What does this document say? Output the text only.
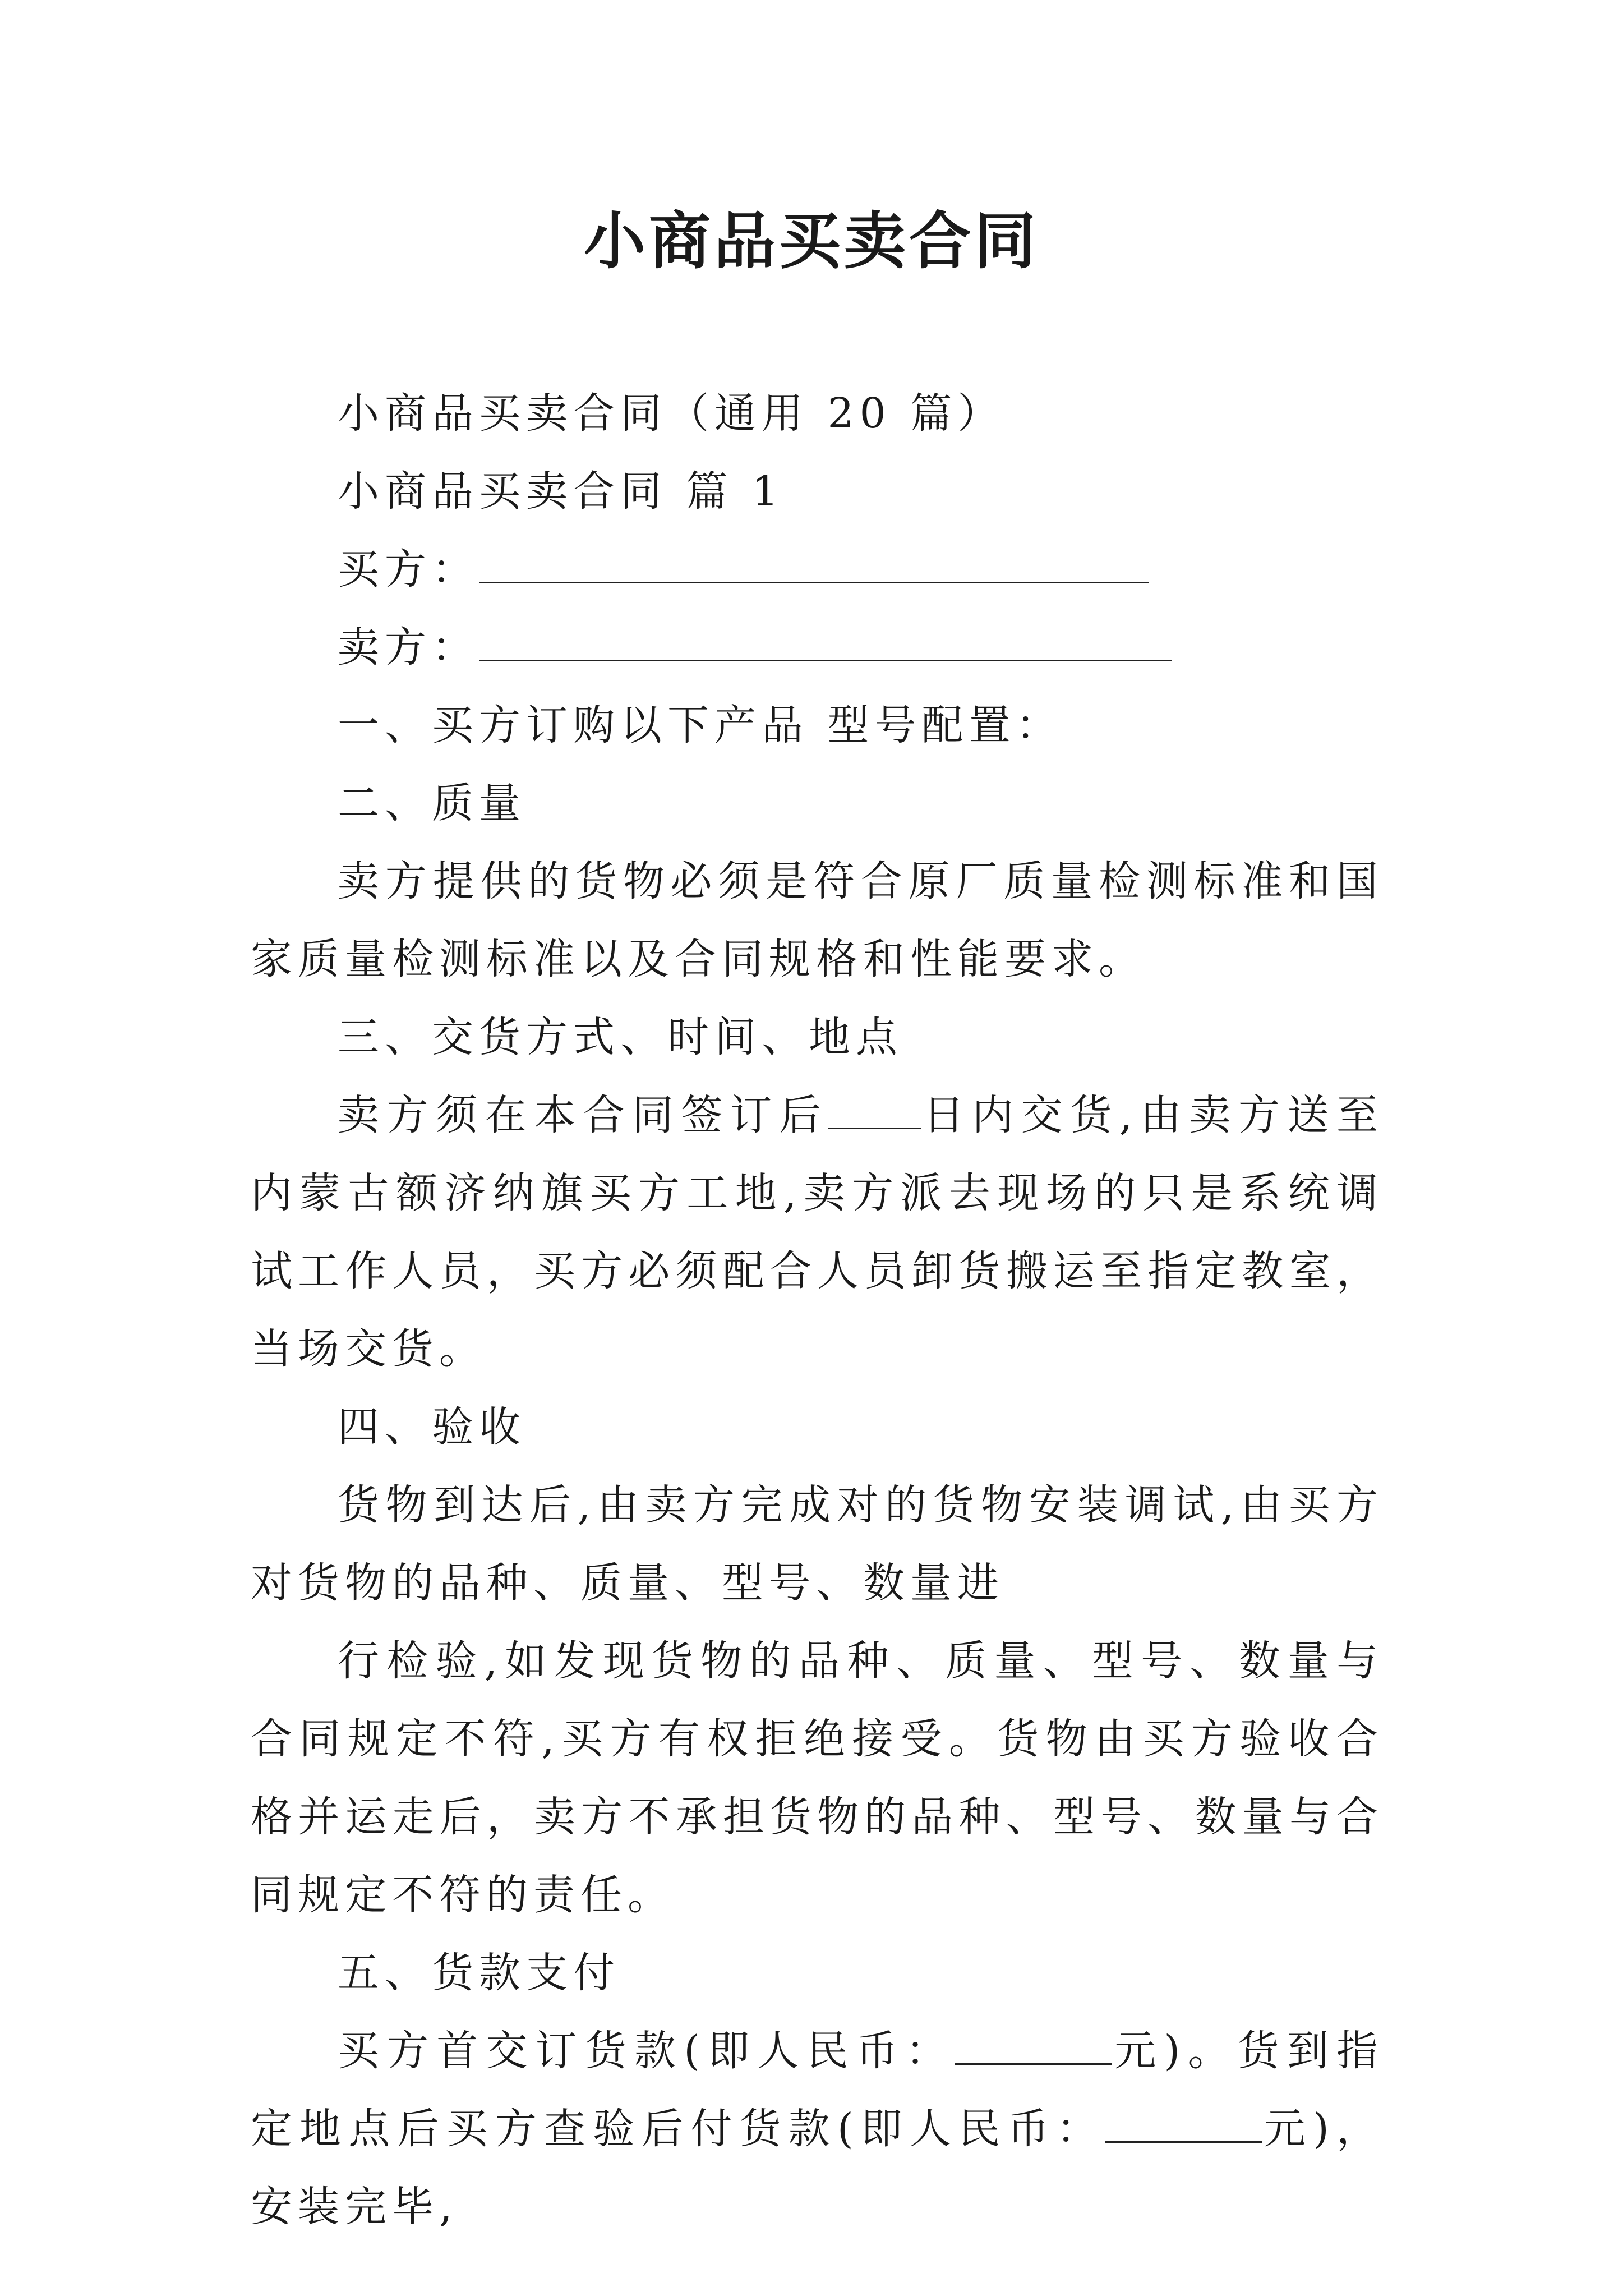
小商品买卖合同

小商品买卖合同（通用 20 篇）

小商品买卖合同 篇 1

买方：

卖方：

一、买方订购以下产品 型号配置：

二、质量

卖方提供的货物必须是符合原厂质量检测标准和国家质量检测标准以及合同规格和性能要求。

三、交货方式、时间、地点

卖方须在本合同签订后 日内交货,由卖方送至内蒙古额济纳旗买方工地,卖方派去现场的只是系统调试工作人员，买方必须配合人员卸货搬运至指定教室，当场交货。

四、验收

货物到达后,由卖方完成对的货物安装调试,由买方对货物的品种、质量、型号、数量进

行检验,如发现货物的品种、质量、型号、数量与合同规定不符,买方有权拒绝接受。货物由买方验收合格并运走后，卖方不承担货物的品种、型号、数量与合同规定不符的责任。

五、货款支付

买方首交订货款(即人民币：	元)。货到指定地点后买方查验后付货款(即人民币：	元)，安装完毕,
